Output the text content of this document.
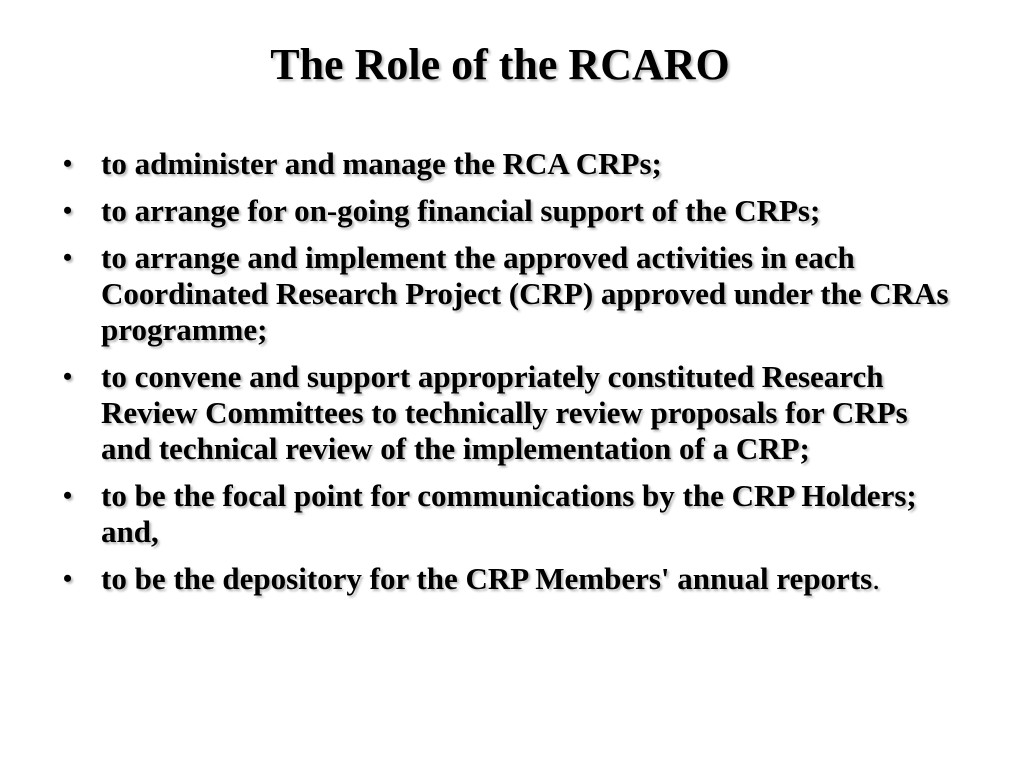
The Role of the RCARO
• to administer and manage the RCA CRPs;
• to arrange for on-going financial support of the CRPs;
• to arrange and implement the approved activities in each Coordinated Research Project (CRP) approved under the CRAs programme;
• to convene and support appropriately constituted Research Review Committees to technically review proposals for CRPs and technical review of the implementation of a CRP;
• to be the focal point for communications by the CRP Holders; and,
• to be the depository for the CRP Members' annual reports.
